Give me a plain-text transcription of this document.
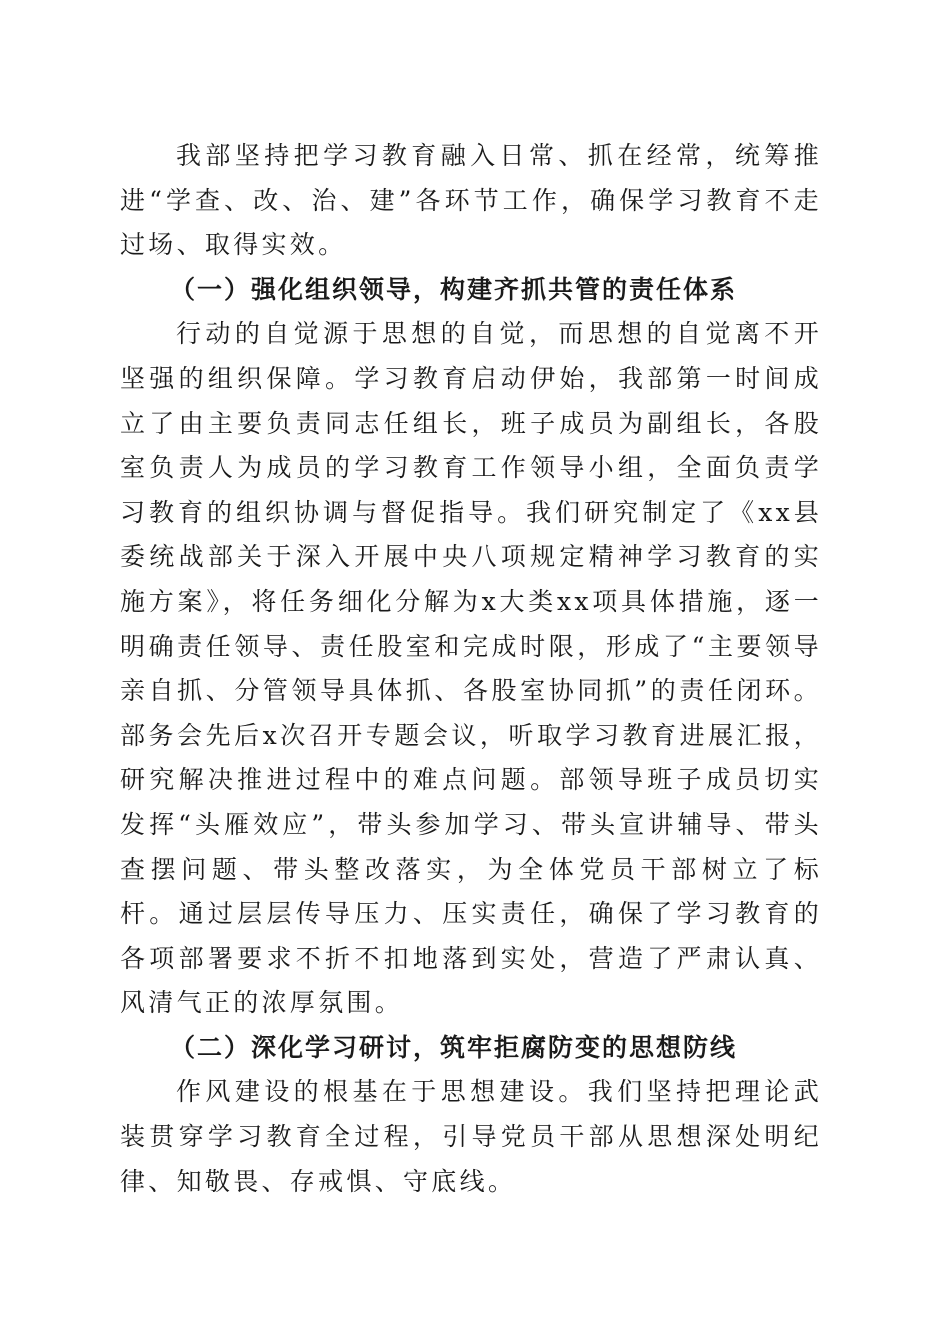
我部坚持把学习教育融入日常、抓在经常，统筹推进“学查、改、治、建”各环节工作，确保学习教育不走过场、取得实效。

（一）强化组织领导，构建齐抓共管的责任体系

行动的自觉源于思想的自觉，而思想的自觉离不开坚强的组织保障。学习教育启动伊始，我部第一时间成立了由主要负责同志任组长，班子成员为副组长，各股室负责人为成员的学习教育工作领导小组，全面负责学习教育的组织协调与督促指导。我们研究制定了《xx县委统战部关于深入开展中央八项规定精神学习教育的实施方案》，将任务细化分解为x大类xx项具体措施，逐一明确责任领导、责任股室和完成时限，形成了“主要领导亲自抓、分管领导具体抓、各股室协同抓”的责任闭环。部务会先后x次召开专题会议，听取学习教育进展汇报，研究解决推进过程中的难点问题。部领导班子成员切实发挥“头雁效应”，带头参加学习、带头宣讲辅导、带头查摆问题、带头整改落实，为全体党员干部树立了标杆。通过层层传导压力、压实责任，确保了学习教育的各项部署要求不折不扣地落到实处，营造了严肃认真、风清气正的浓厚氛围。

（二）深化学习研讨，筑牢拒腐防变的思想防线

作风建设的根基在于思想建设。我们坚持把理论武装贯穿学习教育全过程，引导党员干部从思想深处明纪律、知敬畏、存戒惧、守底线。
